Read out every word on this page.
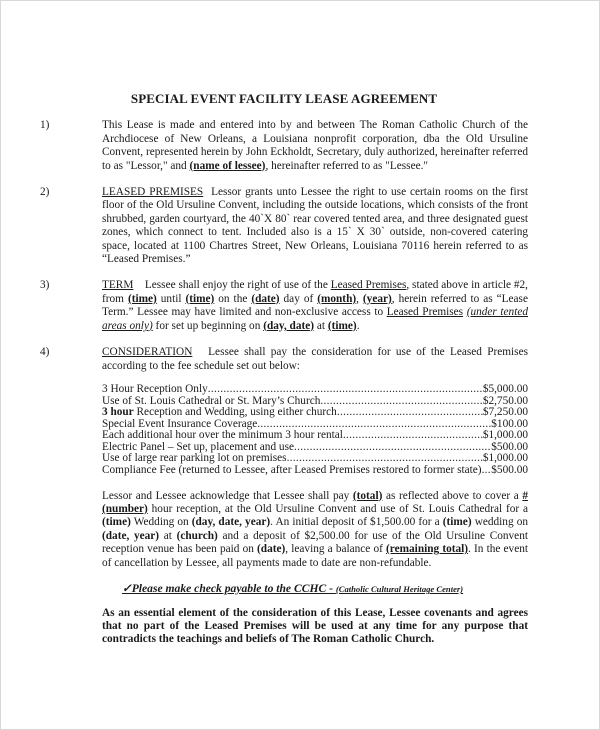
SPECIAL EVENT FACILITY LEASE AGREEMENT
1)	This Lease is made and entered into by and between The Roman Catholic Church of the Archdiocese of New Orleans, a Louisiana nonprofit corporation, dba the Old Ursuline Convent, represented herein by John Eckholdt, Secretary, duly authorized, hereinafter referred to as "Lessor," and (name of lessee), hereinafter referred to as "Lessee."
2)	LEASED PREMISES Lessor grants unto Lessee the right to use certain rooms on the first floor of the Old Ursuline Convent, including the outside locations, which consists of the front shrubbed, garden courtyard, the 40`X 80` rear covered tented area, and three designated guest zones, which connect to tent. Included also is a 15` X 30` outside, non-covered catering space, located at 1100 Chartres Street, New Orleans, Louisiana 70116 herein referred to as “Leased Premises.”
3)	TERM Lessee shall enjoy the right of use of the Leased Premises, stated above in article #2, from (time) until (time) on the (date) day of (month), (year), herein referred to as “Lease Term.” Lessee may have limited and non-exclusive access to Leased Premises (under tented areas only) for set up beginning on (day, date) at (time).
4)	CONSIDERATION Lessee shall pay the consideration for use of the Leased Premises according to the fee schedule set out below:
3 Hour Reception Only .....	$5,000.00
Use of St. Louis Cathedral or St. Mary’s Church .....	$2,750.00
3 hour Reception and Wedding, using either church .....	$7,250.00
Special Event Insurance Coverage .....	$100.00
Each additional hour over the minimum 3 hour rental .....	$1,000.00
Electric Panel – Set up, placement and use .....	$500.00
Use of large rear parking lot on premises .....	$1,000.00
Compliance Fee (returned to Lessee, after Leased Premises restored to former state) ..... $500.00
Lessor and Lessee acknowledge that Lessee shall pay (total) as reflected above to cover a # (number) hour reception, at the Old Ursuline Convent and use of St. Louis Cathedral for a (time) Wedding on (day, date, year). An initial deposit of $1,500.00 for a (time) wedding on (date, year) at (church) and a deposit of $2,500.00 for use of the Old Ursuline Convent reception venue has been paid on (date), leaving a balance of (remaining total). In the event of cancellation by Lessee, all payments made to date are non-refundable.
✓Please make check payable to the CCHC - (Catholic Cultural Heritage Center)
As an essential element of the consideration of this Lease, Lessee covenants and agrees that no part of the Leased Premises will be used at any time for any purpose that contradicts the teachings and beliefs of The Roman Catholic Church.
